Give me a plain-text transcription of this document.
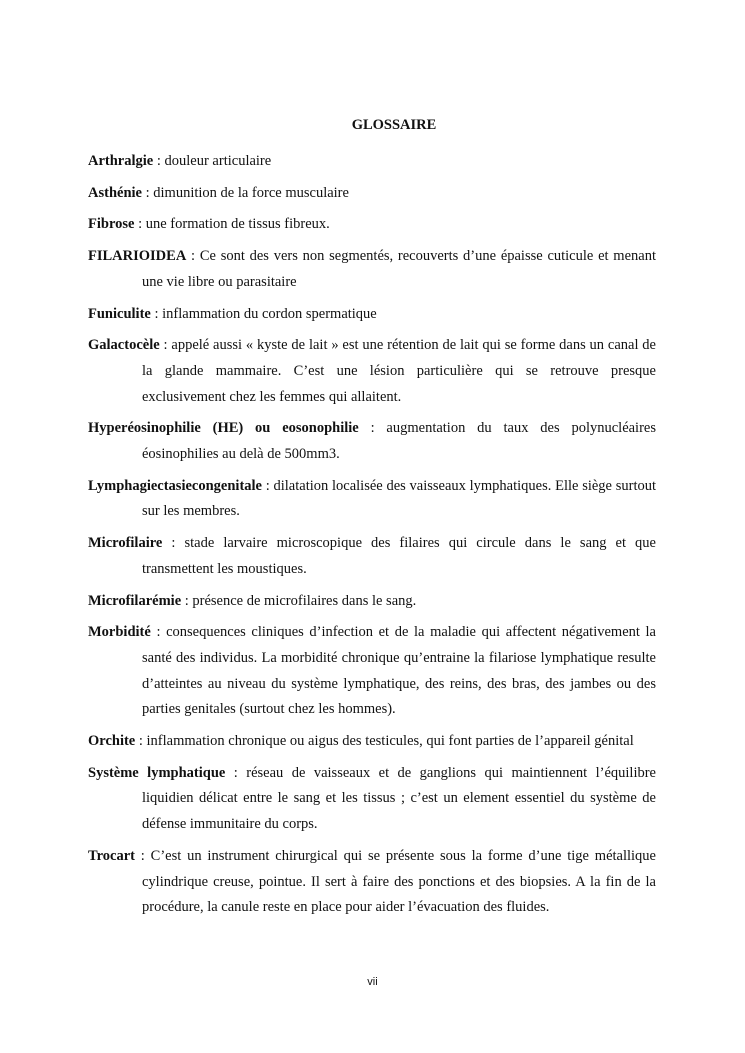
GLOSSAIRE

Arthralgie : douleur articulaire

Asthénie : dimunition de la force musculaire

Fibrose : une formation de tissus fibreux.

FILARIOIDEA : Ce sont des vers non segmentés, recouverts d’une épaisse cuticule et menant une vie libre ou parasitaire

Funiculite : inflammation du cordon spermatique

Galactocèle : appelé aussi « kyste de lait » est une rétention de lait qui se forme dans un canal de la glande mammaire. C’est une lésion particulière qui se retrouve presque exclusivement chez les femmes qui allaitent.

Hyperéosinophilie (HE) ou eosonophilie : augmentation du taux des polynucléaires éosinophilies au delà de 500mm3.

Lymphagiectasiecongenitale : dilatation localisée des vaisseaux lymphatiques. Elle siège surtout sur les membres.

Microfilaire : stade larvaire microscopique des filaires qui circule dans le sang et que transmettent les moustiques.

Microfilarémie : présence de microfilaires dans le sang.

Morbidité : consequences cliniques d’infection et de la maladie qui affectent négativement la santé des individus. La morbidité chronique qu’entraine la filariose lymphatique resulte d’atteintes au niveau du système lymphatique, des reins, des bras, des jambes ou des parties genitales (surtout chez les hommes).

Orchite : inflammation chronique ou aigus des testicules, qui font parties de l’appareil génital

Système lymphatique : réseau de vaisseaux et de ganglions qui maintiennent l’équilibre liquidien délicat entre le sang et les tissus ; c’est un element essentiel du système de défense immunitaire du corps.

Trocart : C’est un instrument chirurgical qui se présente sous la forme d’une tige métallique cylindrique creuse, pointue. Il sert à faire des ponctions et des biopsies. A la fin de la procédure, la canule reste en place pour aider l’évacuation des fluides.

vii
